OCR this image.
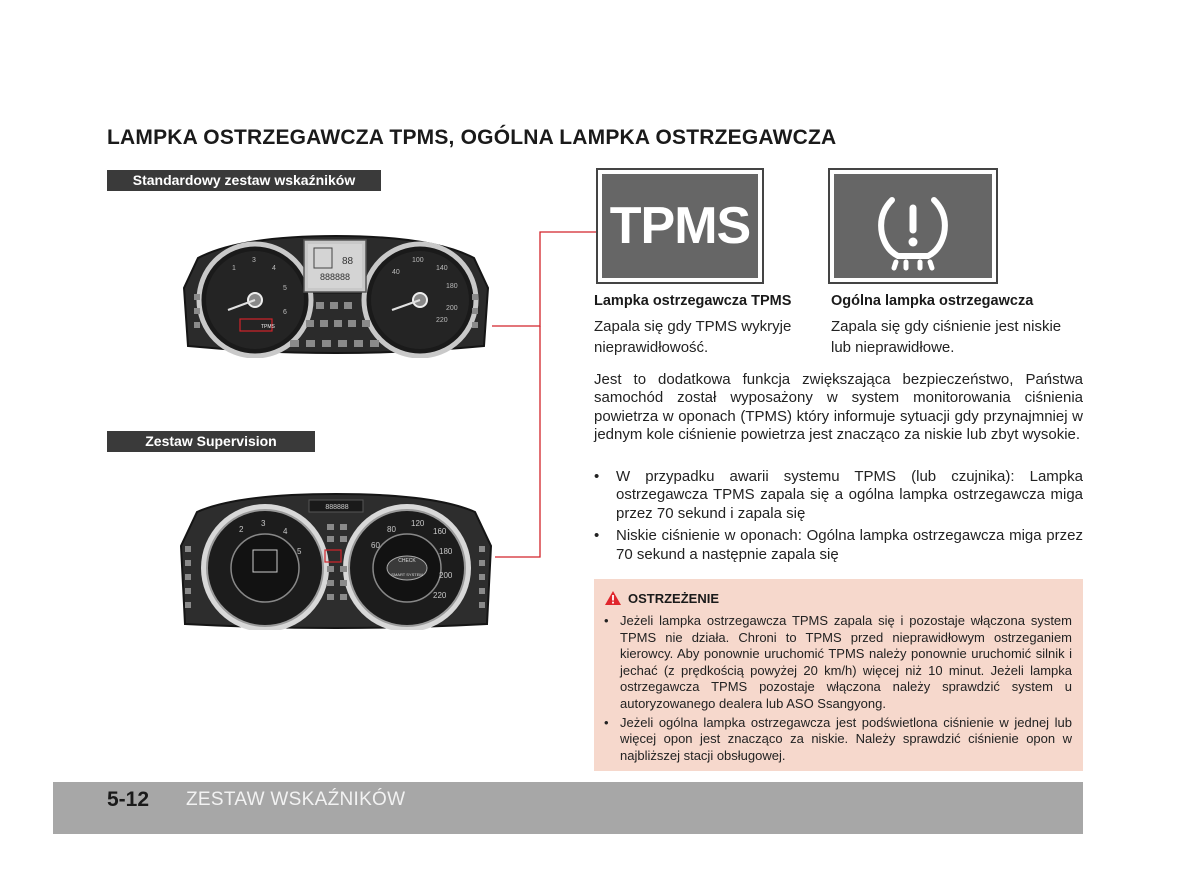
LAMPKA OSTRZEGAWCZA TPMS, OGÓLNA LAMPKA OSTRZEGAWCZA
Standardowy zestaw wskaźników
Zestaw Supervision
888888
88
1
3
4
5
6
40
100
140
180
200
220
TPMS
888888
CHECK
SMART SYSTEM
2
3
4
5
60
80
120
160
180
200
220
TPMS
Lampka ostrzegawcza TPMS
Zapala się gdy TPMS wykryje nieprawidłowość.
Ogólna lampka ostrzegawcza
Zapala się gdy ciśnienie jest niskie lub nieprawidłowe.
Jest to dodatkowa funkcja zwiększająca bezpieczeństwo, Państwa samochód został wyposażony w system monitorowania ciśnienia powietrza w oponach (TPMS) który informuje sytuacji gdy przynajmniej w jednym kole ciśnienie powietrza jest znacząco za niskie lub zbyt wysokie.
• W przypadku awarii systemu TPMS (lub czujnika): Lampka ostrzegawcza TPMS zapala się a ogólna lampka ostrzegawcza miga przez 70 sekund i zapala się
• Niskie ciśnienie w oponach: Ogólna lampka ostrzegawcza miga przez 70 sekund a następnie zapala się
OSTRZEŻENIE
• Jeżeli lampka ostrzegawcza TPMS zapala się i pozostaje włączona system TPMS nie działa. Chroni to TPMS przed nieprawidłowym ostrzeganiem kierowcy. Aby ponownie uruchomić TPMS należy ponownie uruchomić silnik i jechać (z prędkością powyżej 20 km/h) więcej niż 10 minut. Jeżeli lampka ostrzegawcza TPMS pozostaje włączona należy sprawdzić system u autoryzowanego dealera lub ASO Ssangyong.
• Jeżeli ogólna lampka ostrzegawcza jest podświetlona ciśnienie w jednej lub więcej opon jest znacząco za niskie. Należy sprawdzić ciśnienie opon w najbliższej stacji obsługowej.
5-12 ZESTAW WSKAŹNIKÓW
